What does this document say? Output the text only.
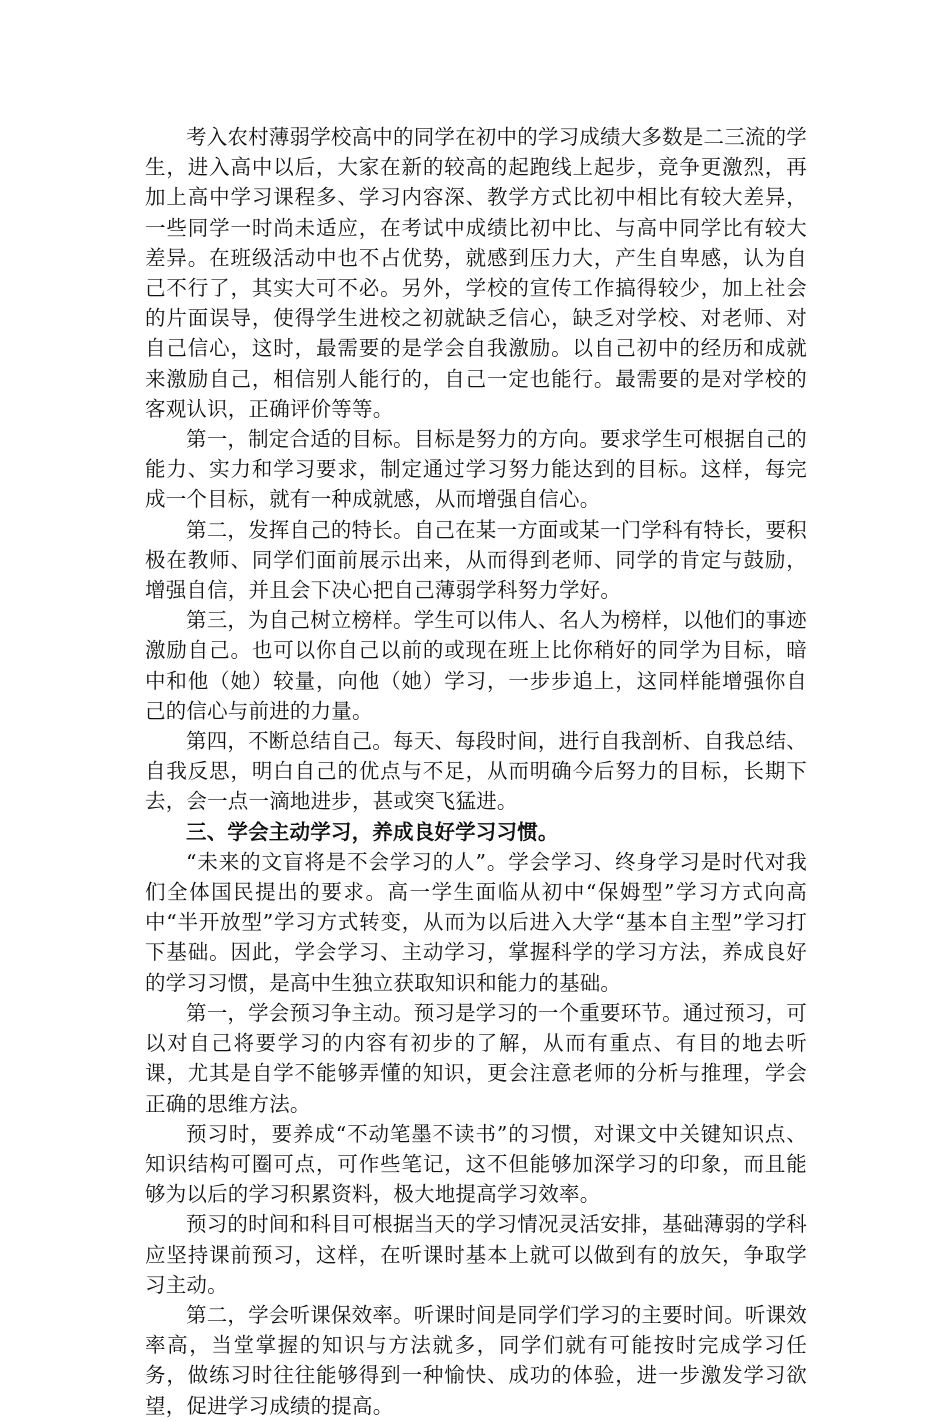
考入农村薄弱学校高中的同学在初中的学习成绩大多数是二三流的学生，进入高中以后，大家在新的较高的起跑线上起步，竞争更激烈，再加上高中学习课程多、学习内容深、教学方式比初中相比有较大差异，一些同学一时尚未适应，在考试中成绩比初中比、与高中同学比有较大差异。在班级活动中也不占优势，就感到压力大，产生自卑感，认为自己不行了，其实大可不必。另外，学校的宣传工作搞得较少，加上社会的片面误导，使得学生进校之初就缺乏信心，缺乏对学校、对老师、对自己信心，这时，最需要的是学会自我激励。以自己初中的经历和成就来激励自己，相信别人能行的，自己一定也能行。最需要的是对学校的客观认识，正确评价等等。

第一，制定合适的目标。目标是努力的方向。要求学生可根据自己的能力、实力和学习要求，制定通过学习努力能达到的目标。这样，每完成一个目标，就有一种成就感，从而增强自信心。

第二，发挥自己的特长。自己在某一方面或某一门学科有特长，要积极在教师、同学们面前展示出来，从而得到老师、同学的肯定与鼓励，增强自信，并且会下决心把自己薄弱学科努力学好。

第三，为自己树立榜样。学生可以伟人、名人为榜样，以他们的事迹激励自己。也可以你自己以前的或现在班上比你稍好的同学为目标，暗中和他（她）较量，向他（她）学习，一步步追上，这同样能增强你自己的信心与前进的力量。

第四，不断总结自己。每天、每段时间，进行自我剖析、自我总结、自我反思，明白自己的优点与不足，从而明确今后努力的目标，长期下去，会一点一滴地进步，甚或突飞猛进。

三、学会主动学习，养成良好学习习惯。

“未来的文盲将是不会学习的人”。学会学习、终身学习是时代对我们全体国民提出的要求。高一学生面临从初中“保姆型”学习方式向高中“半开放型”学习方式转变，从而为以后进入大学“基本自主型”学习打下基础。因此，学会学习、主动学习，掌握科学的学习方法，养成良好的学习习惯，是高中生独立获取知识和能力的基础。

第一，学会预习争主动。预习是学习的一个重要环节。通过预习，可以对自己将要学习的内容有初步的了解，从而有重点、有目的地去听课，尤其是自学不能够弄懂的知识，更会注意老师的分析与推理，学会正确的思维方法。

预习时，要养成“不动笔墨不读书”的习惯，对课文中关键知识点、知识结构可圈可点，可作些笔记，这不但能够加深学习的印象，而且能够为以后的学习积累资料，极大地提高学习效率。

预习的时间和科目可根据当天的学习情况灵活安排，基础薄弱的学科应坚持课前预习，这样，在听课时基本上就可以做到有的放矢，争取学习主动。

第二，学会听课保效率。听课时间是同学们学习的主要时间。听课效率高，当堂掌握的知识与方法就多，同学们就有可能按时完成学习任务，做练习时往往能够得到一种愉快、成功的体验，进一步激发学习欲望，促进学习成绩的提高。
